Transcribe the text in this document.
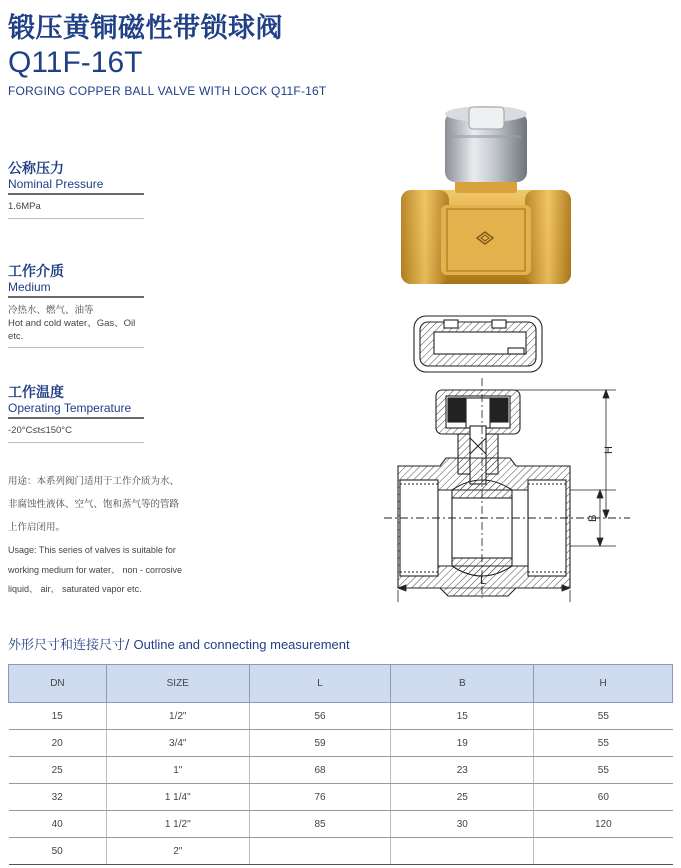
锻压黄铜磁性带锁球阀
Q11F-16T
FORGING COPPER BALL VALVE WITH LOCK Q11F-16T
公称压力
Nominal Pressure
1.6MPa
工作介质
Medium
冷热水、燃气、油等
Hot and cold water、Gas、Oil etc.
工作温度
Operating Temperature
-20°C≤t≤150°C
用途：本系列阀门适用于工作介质为水、
非腐蚀性液体、空气、饱和蒸气等的管路
上作启闭用。
Usage: This series of valves is suitable for
working medium for water、 non - corrosive
liquid、 air、 saturated vapor etc.
H
B
L
外形尺寸和连接尺寸/ Outline and connecting measurement
DN	SIZE	L	B	H
15	1/2"	56	15	55
20	3/4"	59	19	55
25	1"	68	23	55
32	1 1/4"	76	25	60
40	1 1/2"	85	30	120
50	2"			
